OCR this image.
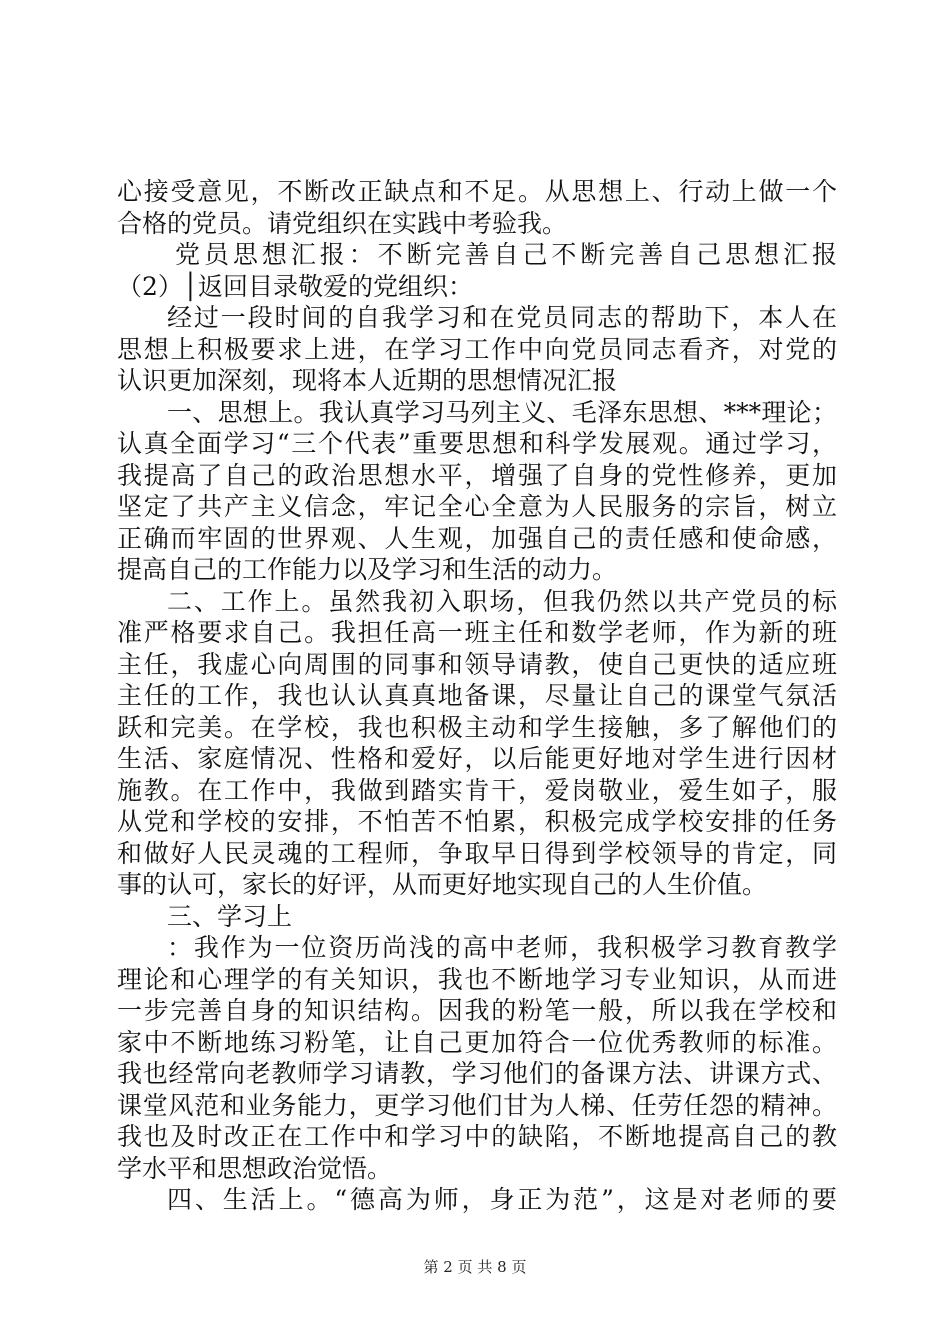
心接受意见，不断改正缺点和不足。从思想上、行动上做一个
合格的党员。请党组织在实践中考验我。
党员思想汇报：不断完善自己不断完善自己思想汇报
（2）│返回目录敬爱的党组织：
经过一段时间的自我学习和在党员同志的帮助下，本人在
思想上积极要求上进，在学习工作中向党员同志看齐，对党的
认识更加深刻，现将本人近期的思想情况汇报
一、思想上。我认真学习马列主义、毛泽东思想、***理论；
认真全面学习“三个代表”重要思想和科学发展观。通过学习，
我提高了自己的政治思想水平，增强了自身的党性修养，更加
坚定了共产主义信念，牢记全心全意为人民服务的宗旨，树立
正确而牢固的世界观、人生观，加强自己的责任感和使命感，
提高自己的工作能力以及学习和生活的动力。
二、工作上。虽然我初入职场，但我仍然以共产党员的标
准严格要求自己。我担任高一班主任和数学老师，作为新的班
主任，我虚心向周围的同事和领导请教，使自己更快的适应班
主任的工作，我也认认真真地备课，尽量让自己的课堂气氛活
跃和完美。在学校，我也积极主动和学生接触，多了解他们的
生活、家庭情况、性格和爱好，以后能更好地对学生进行因材
施教。在工作中，我做到踏实肯干，爱岗敬业，爱生如子，服
从党和学校的安排，不怕苦不怕累，积极完成学校安排的任务
和做好人民灵魂的工程师，争取早日得到学校领导的肯定，同
事的认可，家长的好评，从而更好地实现自己的人生价值。
三、学习上
：我作为一位资历尚浅的高中老师，我积极学习教育教学
理论和心理学的有关知识，我也不断地学习专业知识，从而进
一步完善自身的知识结构。因我的粉笔一般，所以我在学校和
家中不断地练习粉笔，让自己更加符合一位优秀教师的标准。
我也经常向老教师学习请教，学习他们的备课方法、讲课方式、
课堂风范和业务能力，更学习他们甘为人梯、任劳任怨的精神。
我也及时改正在工作中和学习中的缺陷，不断地提高自己的教
学水平和思想政治觉悟。
四、生活上。“德高为师，身正为范”，这是对老师的要
第 2 页 共 8 页
